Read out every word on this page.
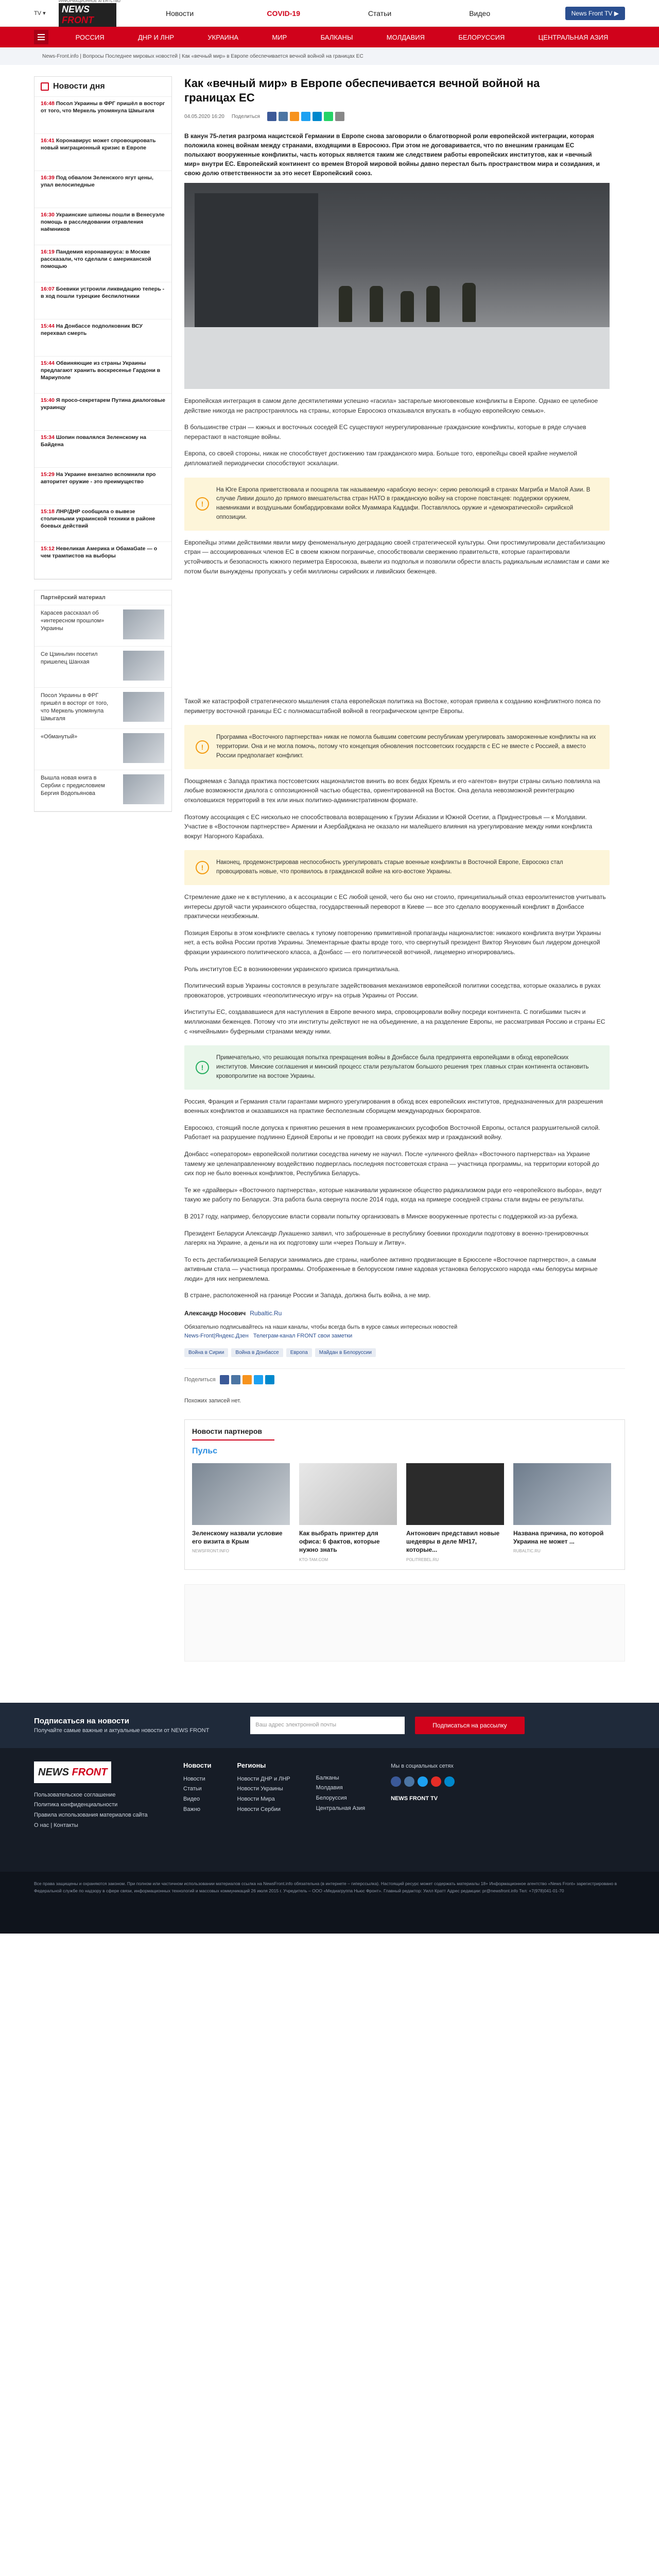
TV ▾
ИНФОРМАЦИОННОЕ АГЕНТСТВО
NEWS FRONT
Новости	COVID-19	Статьи	Видео	News Front TV ▶
РОССИЯ	ДНР И ЛНР	УКРАИНА	МИР	БАЛКАНЫ	МОЛДАВИЯ	БЕЛОРУССИЯ	ЦЕНТРАЛЬНАЯ АЗИЯ
News-Front.info | Вопросы Последнее мировых новостей | Как «вечный мир» в Европе обеспечивается вечной войной на границах ЕС
Новости дня
16:48 Посол Украины в ФРГ пришёл в восторг от того, что Меркель упомянула Шмыгаля
16:41 Коронавирус может спровоцировать новый миграционный кризис в Европе
16:39 Под обвалом Зеленского ягут цены, упал велосипедные
16:30 Украинские шпионы пошли в Венесуэле помощь в расследовании отравления наёмников
16:19 Пандемия коронавируса: в Москве рассказали, что сделали с американской помощью
16:07 Боевики устроили ликвидацию теперь - в ход пошли турецкие беспилотники
15:44 На Донбассе подполковник ВСУ перехвал смерть
15:44 Обвиняющие из страны Украины предлагают хранить воскресенье Гардони в Мариуполе
15:40 Я просо-секретарем Путина диалоговые украинцу
15:34 Шопин повалялся Зеленскому на Байдена
15:29 На Украине внезапно вспомнили про авторитет оружие - это преимущество
15:18 ЛНР/ДНР сообщила о вывезе столичными украинской техники в районе боевых действий
15:12 Невеликая Америка и ОбамаGate — о чем трампистов на выборы
Партнёрский материал
Карасев рассказал об «интересном прошлом» Украины
Се Цзиньпин посетил пришелец Шанхая
Посол Украины в ФРГ пришёл в восторг от того, что Меркель упомянула Шмыгаля
«Обманутый»
Вышла новая книга в Сербии с предисловием Бергия Водопьянова
Как «вечный мир» в Европе обеспечивается вечной войной на границах ЕС
04.05.2020 16:20 Поделиться
В канун 75-летия разгрома нацистской Германии в Европе снова заговорили о благотворной роли европейской интеграции, которая положила конец войнам между странами, входящими в Евросоюз. При этом не договаривается, что по внешним границам ЕС полыхают вооруженные конфликты, часть которых является таким же следствием работы европейских институтов, как и «вечный мир» внутри ЕС. Европейский континент со времен Второй мировой войны давно перестал быть пространством мира и созидания, и свою долю ответственности за это несет Европейский союз.

Европейская интеграция в самом деле десятилетиями успешно «гасила» застарелые многовековые конфликты в Европе. Однако ее целебное действие никогда не распространялось на страны, которые Евросоюз отказывался впускать в «общую европейскую семью».

В большинстве стран — южных и восточных соседей ЕС существуют неурегулированные гражданские конфликты, которые в ряде случаев перерастают в настоящие войны.

Европа, со своей стороны, никак не способствует достижению там гражданского мира. Больше того, европейцы своей крайне неумелой дипломатией периодически способствуют эскалации.

!
На Юге Европа приветствовала и поощряла так называемую «арабскую весну»: серию революций в странах Магриба и Малой Азии. В случае Ливии дошло до прямого вмешательства стран НАТО в гражданскую войну на стороне повстанцев: поддержки оружием, наемниками и воздушными бомбардировками войск Муаммара Каддафи. Поставлялось оружие и «демократической» сирийской оппозиции.

Европейцы этими действиями явили миру феноменальную деградацию своей стратегической культуры. Они простимулировали дестабилизацию стран — ассоциированных членов ЕС в своем южном пограничье, способствовали свержению правительств, которые гарантировали устойчивость и безопасность южного периметра Евросоюза, вывели из подполья и позволили обрести власть радикальным исламистам и сами же потом были вынуждены пропускать у себя миллионы сирийских и ливийских беженцев.

Такой же катастрофой стратегического мышления стала европейская политика на Востоке, которая привела к созданию конфликтного пояса по периметру восточной границы ЕС с полномасштабной войной в географическом центре Европы.

!
Программа «Восточного партнерства» никак не помогла бывшим советским республикам урегулировать замороженные конфликты на их территории. Она и не могла помочь, потому что концепция обновления постсоветских государств с ЕС не вместе с Россией, а вместо России предполагает конфликт.

Поощряемая с Запада практика постсоветских националистов винить во всех бедах Кремль и его «агентов» внутри страны сильно повлияла на любые возможности диалога с оппозиционной частью общества, ориентированной на Восток. Она делала невозможной реинтеграцию отколовшихся территорий в тех или иных политико-административном формате.

Поэтому ассоциация с ЕС нисколько не способствовала возвращению к Грузии Абхазии и Южной Осетии, а Приднестровья — к Молдавии. Участие в «Восточном партнерстве» Армении и Азербайджана не оказало ни малейшего влияния на урегулирование между ними конфликта вокруг Нагорного Карабаха.

!
Наконец, продемонстрировав неспособность урегулировать старые военные конфликты в Восточной Европе, Евросоюз стал провоцировать новые, что проявилось в гражданской войне на юго-востоке Украины.

Стремление даже не к вступлению, а к ассоциации с ЕС любой ценой, чего бы оно ни стоило, принципиальный отказ евроэлитенистов учитывать интересы другой части украинского общества, государственный переворот в Киеве — все это сделало вооруженный конфликт в Донбассе практически неизбежным.

Позиция Европы в этом конфликте свелась к тупому повторению примитивной пропаганды националистов: никакого конфликта внутри Украины нет, а есть война России против Украины. Элементарные факты вроде того, что свергнутый президент Виктор Янукович был лидером донецкой фракции украинского политического класса, а Донбасс — его политической вотчиной, лицемерно игнорировались.

Роль институтов ЕС в возникновении украинского кризиса принципиальна.

Политический взрыв Украины состоялся в результате задействования механизмов европейской политики соседства, которые оказались в руках провокаторов, устроивших «геополитическую игру» на отрыв Украины от России.

Институты ЕС, создававшиеся для наступления в Европе вечного мира, спровоцировали войну посреди континента. С погибшими тысяч и миллионами беженцев. Потому что эти институты действуют не на объединение, а на разделение Европы, не рассматривая Россию и страны ЕС с «ничейными» буферными странами между ними.

!
Примечательно, что решающая попытка прекращения войны в Донбассе была предпринята европейцами в обход европейских институтов. Минские соглашения и минский процесс стали результатом большого решения трех главных стран континента остановить кровопролитие на востоке Украины.

Россия, Франция и Германия стали гарантами мирного урегулирования в обход всех европейских институтов, предназначенных для разрешения военных конфликтов и оказавшихся на практике бесполезным сборищем международных бюрократов.

Евросоюз, стоящий после допуска к принятию решения в нем проамериканских русофобов Восточной Европы, остался разрушительной силой. Работает на разрушение подлинно Единой Европы и не проводит на своих рубежах мир и гражданский войну.

Донбасс «оператором» европейской политики соседства ничему не научил. После «уличного фейла» «Восточного партнерства» на Украине тамему же целенаправленному воздействию подверглась последняя постсоветская страна — участница программы, на территории которой до сих пор не было военных конфликтов, Республика Беларусь.

Те же «драйверы» «Восточного партнерства», которые накачивали украинское общество радикализмом ради его «европейского выбора», ведут такую же работу по Беларуси. Эта работа была свернута после 2014 года, когда на примере соседней страны стали видны ее результаты.

В 2017 году, например, белорусские власти сорвали попытку организовать в Минске вооруженные протесты с поддержкой из-за рубежа.

Президент Беларуси Александр Лукашенко заявил, что заброшенные в республику боевики проходили подготовку в военно-тренировочных лагерях на Украине, а деньги на их подготовку шли «через Польшу и Литву».

То есть дестабилизацией Беларуси занимались две страны, наиболее активно продвигающие в Брюсселе «Восточное партнерство», а самым активным стала — участница программы. Отображенные в белорусском гимне кадовая установка белорусского народа «мы белорусы мирные люди» для них неприемлема.

В стране, расположенной на границе России и Запада, должна быть война, а не мир.

Александр Носович Rubaltic.Ru
Обязательно подписывайтесь на наши каналы, чтобы всегда быть в курсе самых интересных новостей
News-Front|Яндекс.Дзен Телеграм-канал FRONT свои заметки
Война в Сирии	Война в Донбассе	Европа	Майдан в Белоруссии
Поделиться
Похожих записей нет.
Новости партнеров
Пульс
Зеленскому назвали условие его визита в Крым
NEWSFRONT.INFO
Как выбрать принтер для офиса: 6 фактов, которые нужно знать
KTO-TAM.COM
Антонович представил новые шедевры в деле МН17, которые...
POLITREBEL.RU
Названа причина, по которой Украина не может ...
RUBALTIC.RU
Подписаться на новости
Получайте самые важные и актуальные новости от NEWS FRONT
Ваш адрес электронной почты	Подписаться на рассылку
NEWS FRONT
Пользовательское соглашение
Политика конфиденциальности
Правила использования материалов сайта
О нас | Контакты
Новости
Новости
Статьи
Видео
Важно
Регионы
Новости ДНР и ЛНР
Новости Украины
Новости Мира
Новости Сербии
Балканы
Молдавия
Белоруссия
Центральная Азия
Мы в социальных сетях
NEWS FRONT TV
Все права защищены и охраняются законом. При полном или частичном использовании материалов ссылка на NewsFront.info обязательна (в интернете – гиперссылка). Настоящий ресурс может содержать материалы 18+ Информационное агентство «News Front» зарегистрировано в Федеральной службе по надзору в сфере связи, информационных технологий и массовых коммуникаций 26 июля 2015 г. Учредитель – ООО «Медиагруппа Ньюс Фронт». Главный редактор: Уилл Кратт Адрес редакции: pr@newsfront.info Тел: +7(978)041-01-70
